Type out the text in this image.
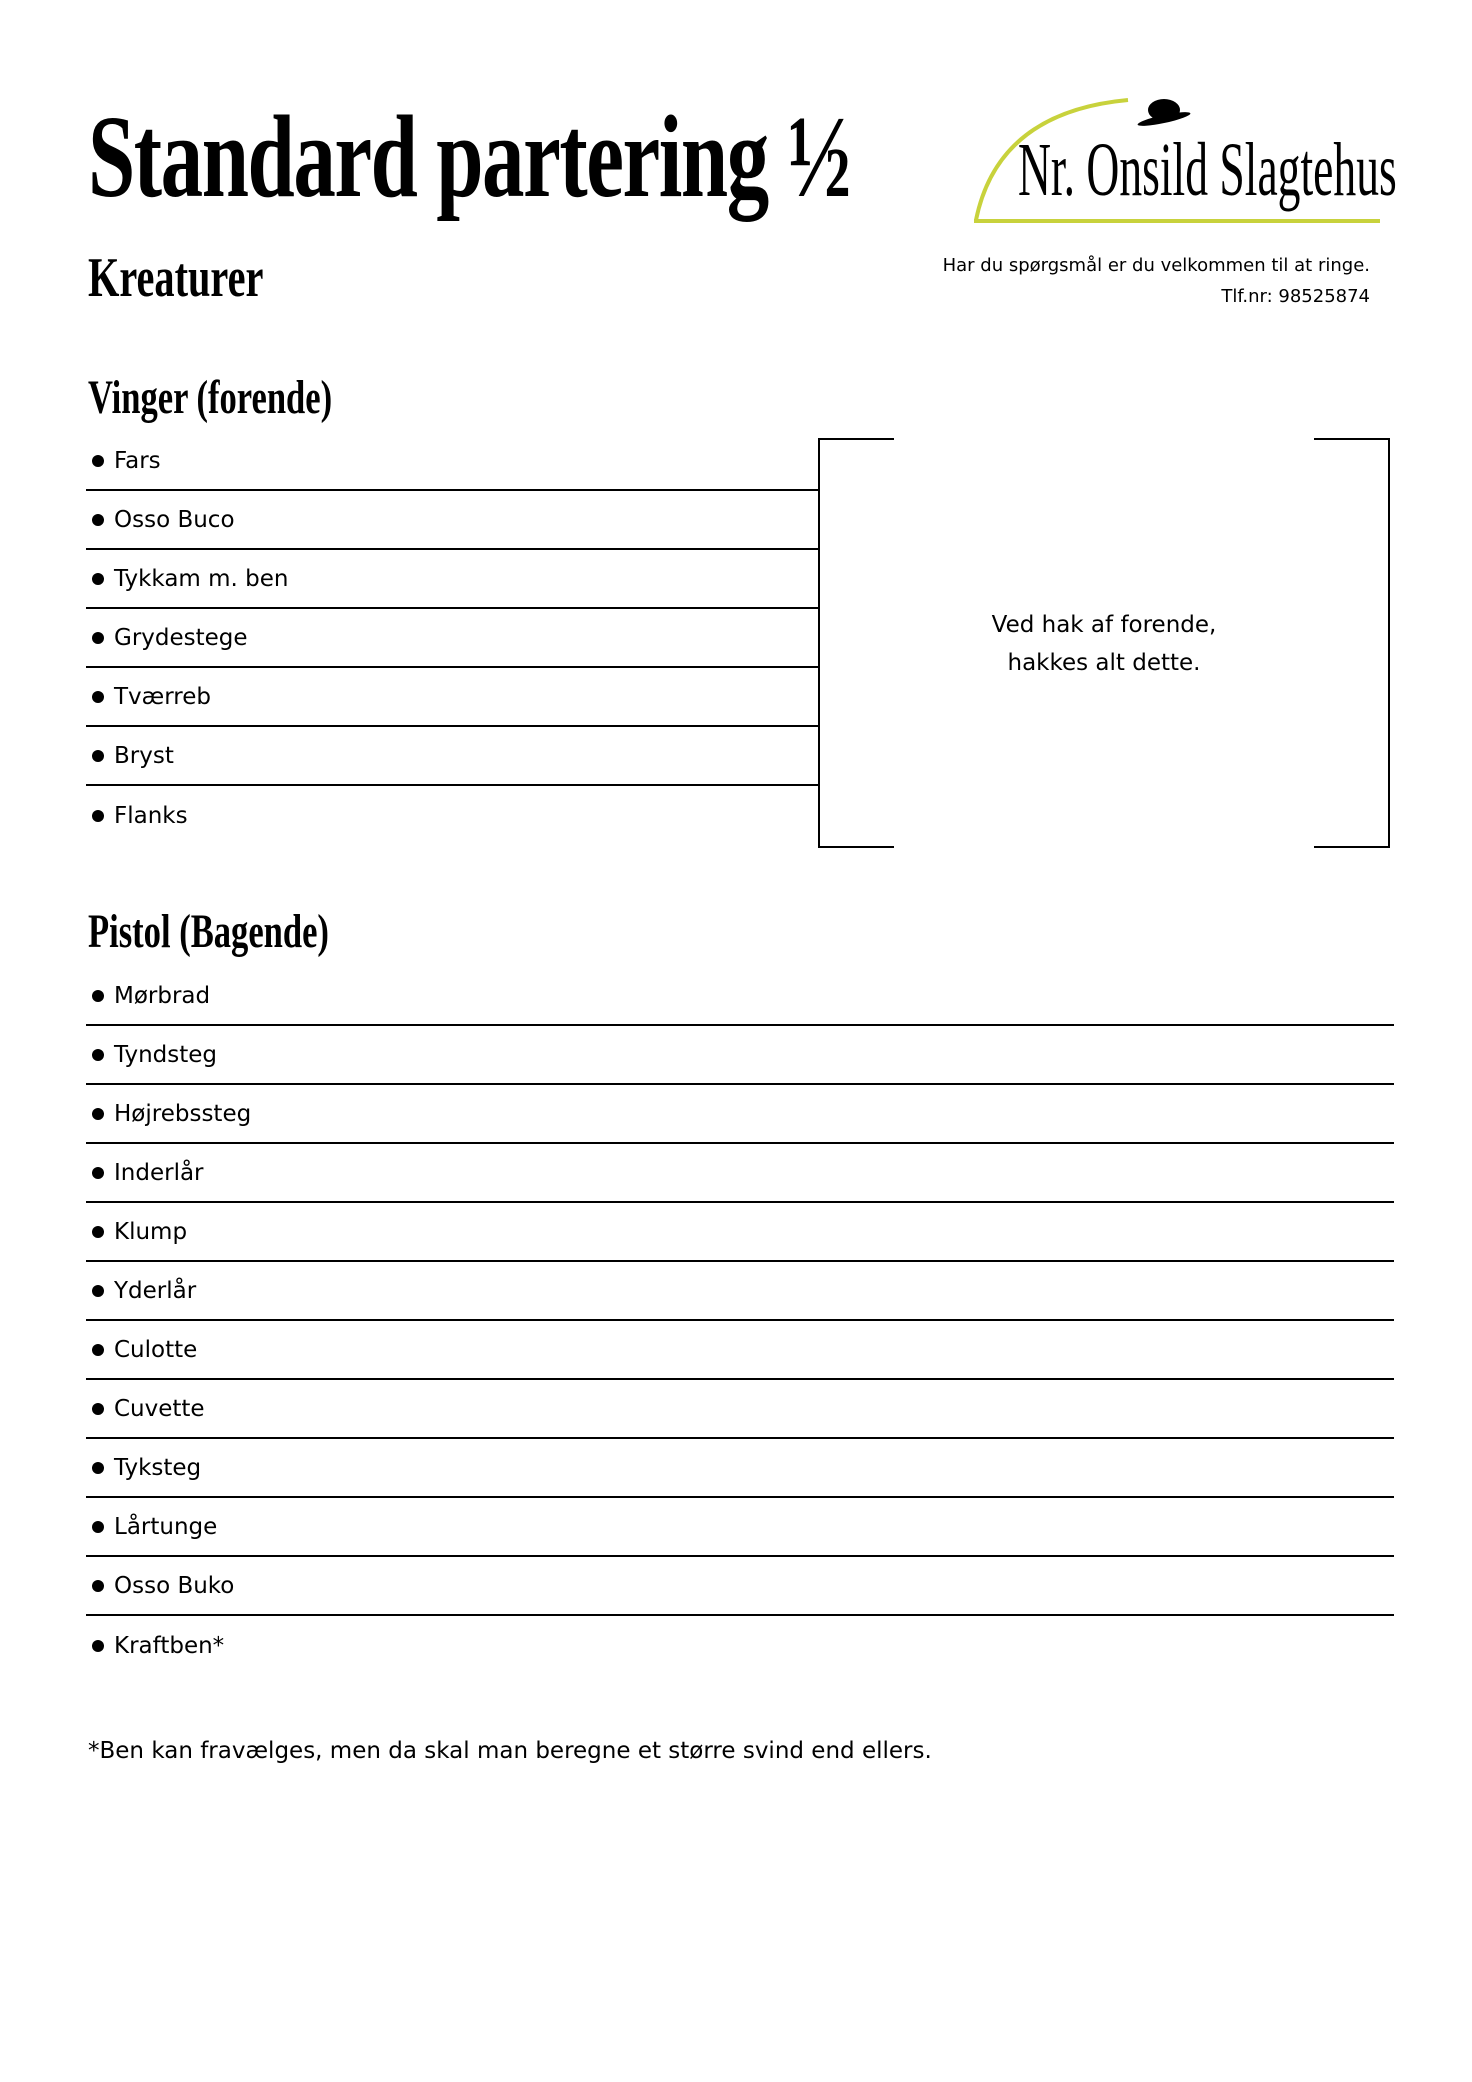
Standard partering ½
Kreaturer
Nr. Onsild Slagtehus
Har du spørgsmål er du velkommen til at ringe.
Tlf.nr: 98525874
Vinger (forende)
Fars
Osso Buco
Tykkam m. ben
Grydestege
Tværreb
Bryst
Flanks
Ved hak af forende,
hakkes alt dette.
Pistol (Bagende)
Mørbrad
Tyndsteg
Højrebssteg
Inderlår
Klump
Yderlår
Culotte
Cuvette
Tyksteg
Lårtunge
Osso Buko
Kraftben*
*Ben kan fravælges, men da skal man beregne et større svind end ellers.
